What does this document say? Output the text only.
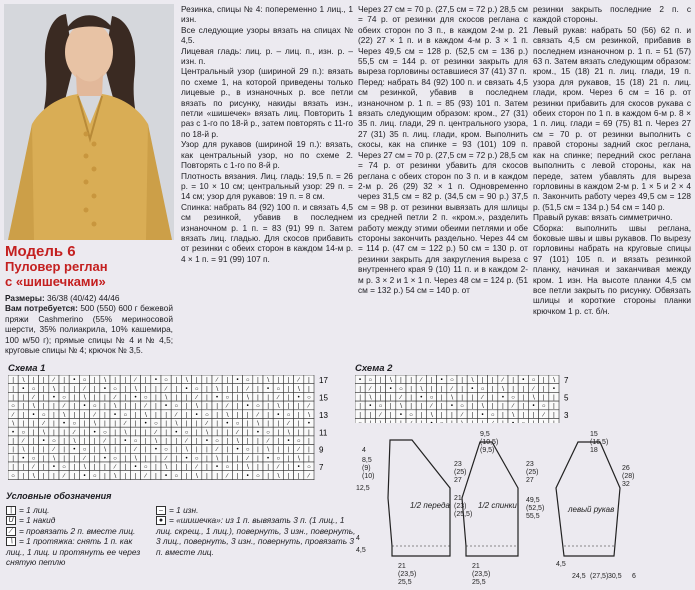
Модель 6
Пуловер реглан
с «шишечками»
Размеры: 36/38 (40/42) 44/46
Вам потребуется: 500 (550) 600 г бежевой пряжи Cashmerino (55% мериносовой шерсти, 35% полиакрила, 10% кашемира, 100 м/50 г); прямые спицы № 4 и № 4,5; круговые спицы № 4; крючок № 3,5.
Резинка, спицы № 4: попеременно 1 лиц., 1 изн.
Все следующие узоры вязать на спицах № 4,5.
Лицевая гладь: лиц. р. – лиц. п., изн. р. – изн. п.
Центральный узор (шириной 29 п.): вязать по схеме 1, на которой приведены только лицевые р., в изнаночных р. все петли вязать по рисунку, накиды вязать изн., петли «шишечек» вязать лиц. Повторить 1 раз с 1-го по 18-й р., затем повторять с 11-го по 18-й р.
Узор для рукавов (шириной 19 п.): вязать, как центральный узор, но по схеме 2. Повторять с 1-го по 8-й р.
Плотность вязания. Лиц. гладь: 19,5 п. = 26 р. = 10 × 10 см; центральный узор: 29 п. = 14 см; узор для рукавов: 19 п. = 8 см.
Спинка: набрать 84 (92) 100 п. и связать 4,5 см резинкой, убавив в последнем изнаночном р. 1 п. = 83 (91) 99 п. Затем вязать лиц. гладью. Для скосов прибавить от резинки с обеих сторон в каждом 14-м р. 4 × 1 п. = 91 (99) 107 п.
Через 27 см = 70 р. (27,5 см = 72 р.) 28,5 см = 74 р. от резинки для скосов реглана с обеих сторон по 3 п., в каждом 2-м р. 21 (22) 27 × 1 п. и в каждом 4-м р. 3 × 1 п. Через 49,5 см = 128 р. (52,5 см = 136 р.) 55,5 см = 144 р. от резинки закрыть для выреза горловины оставшиеся 37 (41) 37 п.
Перед: набрать 84 (92) 100 п. и связать 4,5 см резинкой, убавив в последнем изнаночном р. 1 п. = 85 (93) 101 п. Затем вязать следующим образом: кром., 27 (31) 35 п. лиц. глади, 29 п. центрального узора, 27 (31) 35 п. лиц. глади, кром. Выполнить скосы, как на спинке = 93 (101) 109 п. Через 27 см = 70 р. (27,5 см = 72 р.) 28,5 см = 74 р. от резинки убавить для скосов реглана с обеих сторон по 3 п. и в каждом 2-м р. 26 (29) 32 × 1 п. Одновременно через 31,5 см = 82 р. (34,5 см = 90 р.) 37,5 см = 98 р. от резинки вывязать для шлицы из средней петли 2 п. «кром.», разделить работу между этими обеими петлями и обе стороны закончить раздельно. Через 44 см = 114 р. (47 см = 122 р.) 50 см = 130 р. от резинки закрыть для закругления выреза с внутреннего края 9 (10) 11 п. и в каждом 2-м р. 3 × 2 и 1 × 1 п. Через 48 см = 124 р. (51 см = 132 р.) 54 см = 140 р. от
резинки закрыть последние 2 п. с каждой стороны.
Левый рукав: набрать 50 (56) 62 п. и связать 4,5 см резинкой, прибавив в последнем изнаночном р. 1 п. = 51 (57) 63 п. Затем вязать следующим образом: кром., 15 (18) 21 п. лиц. глади, 19 п. узора для рукавов, 15 (18) 21 п. лиц. глади, кром. Через 6 см = 16 р. от резинки прибавить для скосов рукава с обеих сторон по 1 п. в каждом 6-м р. 8 × 1 п. лиц. глади = 69 (75) 81 п. Через 27 см = 70 р. от резинки выполнить с правой стороны задний скос реглана, как на спинке; передний скос реглана выполнить с левой стороны, как на переде, затем убавлять для выреза горловины в каждом 2-м р. 1 × 5 и 2 × 4 п. Закончить работу через 49,5 см = 128 р. (51,5 см = 134 р.) 54 см = 140 р.
Правый рукав: вязать симметрично.
Сборка: выполнить швы реглана, боковые швы и швы рукавов. По вырезу горловины набрать на круговые спицы 97 (101) 105 п. и вязать резинкой планку, начиная и заканчивая между кром. 1 изн. На высоте планки 4,5 см все петли закрыть по рисунку. Обвязать шлицы и короткие стороны планки крючком 1 р. ст. б/н.
Схема 1
| ∖ | |	∕ | • ○ | ∖ | |	∕ | • ○ | ∖ | |	∕ | • ○ | ∖ | |	∕ |
| • ○ | ∖ | |	∕ | • ○ | ∖ | |	∕ | • ○ | ∖ | |	∕ | • ○ | ∖ |
| |	∕ | • ○ | ∖ | |	∕ | • ○ | ∖ | |	∕ | • ○ | ∖ | |	∕ | • ○
○ | ∖ | |	∕ | • ○ | ∖ | |	∕ | • ○ | ∖ | |	∕ | • ○ | ∖ | |	∕
∕ | • ○ | ∖ | |	∕ | • ○ | ∖ | |	∕ | • ○ | ∖ | |	∕ | • ○ | ∖
∖ | |	∕ | • ○ | ∖ | |	∕ | • ○ | ∖ | |	∕ | • ○ | ∖ | |	∕ | •
• ○ | ∖ | |	∕ | • ○ | ∖ | |	∕ | • ○ | ∖ | |	∕ | • ○ | ∖ | |
|	∕ | • ○ | ∖ | |	∕ | • ○ | ∖ | |	∕ | • ○ | ∖ | |	∕ | • ○ |
| ∖ | |	∕ | • ○ | ∖ | |	∕ | • ○ | ∖ | |	∕ | • ○ | ∖ | |	∕ |
| • ○ | ∖ | |	∕ | • ○ | ∖ | |	∕ | • ○ | ∖ | |	∕ | • ○ | ∖ |
| |	∕ | • ○ | ∖ | |	∕ | • ○ | ∖ | |	∕ | • ○ | ∖ | |	∕ | • ○
○ | ∖ | |	∕ | • ○ | ∖ | |	∕ | • ○ | ∖ | |	∕ | • ○ | ∖ | |	∕
17
15
13
11
9
7
Схема 2
• ○ | ∖ | |	∕ | • ○ | ∖ | |	∕ | • ○ | ∖
|	∕ | • ○ | ∖ | |	∕ | • ○ | ∖ | |	∕ | •
| ∖ | |	∕ | • ○ | ∖ | |	∕ | • ○ | ∖ | |
| • ○ | ∖ | |	∕ | • ○ | ∖ | |	∕ | • ○ |
| |	∕ | • ○ | ∖ | |	∕ | • ○ | ∖ | |	∕ |
7
5
3
1/2 переда	1/2 спинки	левый рукав
4
8,5
(9)
(10)
12,5
4
23
(25)
27
21
(23)
(25,5)
4,5
21
(23,5)
25,5
9,5
(10,5)
(9,5)
23
(25)
27
49,5
(52,5)
55,5
21
(23,5)
25,5
15
(16,5)
18
26
(28)
32
4,5
24,5 (27,5) 30,5 6
Условные обозначения
| = 1 лиц.
U = 1 накид
∕ = провязать 2 п. вместе лиц.
∖ = 1 протяжка: снять 1 п. как лиц., 1 лиц. и протянуть ее через снятую петлю
– = 1 изн.
● = «шишечка»: из 1 п. вывязать 3 п. (1 лиц., 1 лиц. скрещ., 1 лиц.), повернуть, 3 изн., повернуть, 3 лиц., повернуть, 3 изн., повернуть, провязать 3 п. вместе лиц.
